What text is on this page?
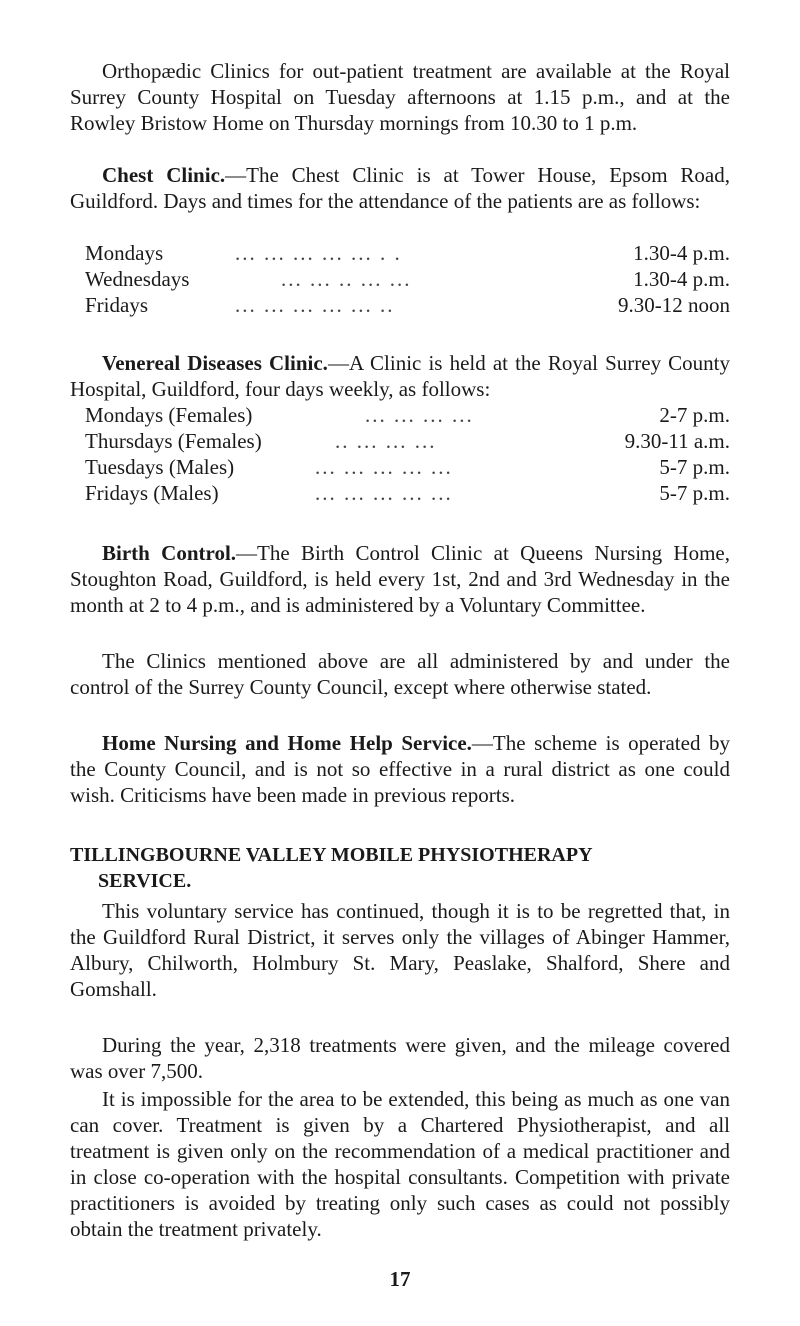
Orthopædic Clinics for out-patient treatment are available at the Royal Surrey County Hospital on Tuesday afternoons at 1.15 p.m., and at the Rowley Bristow Home on Thursday mornings from 10.30 to 1 p.m.

Chest Clinic.—The Chest Clinic is at Tower House, Epsom Road, Guildford. Days and times for the attendance of the patients are as follows:

Mondays	... ... ... ... ... . .	1.30-4 p.m.
Wednesdays	... ... .. ... ...	1.30-4 p.m.
Fridays	... ... ... ... ... ..	9.30-12 noon

Venereal Diseases Clinic.—A Clinic is held at the Royal Surrey County Hospital, Guildford, four days weekly, as follows:

Mondays (Females)	... ... ... ...	2-7 p.m.
Thursdays (Females)	.. ... ... ...	9.30-11 a.m.
Tuesdays (Males)	... ... ... ... ...	5-7 p.m.
Fridays (Males)	... ... ... ... ...	5-7 p.m.

Birth Control.—The Birth Control Clinic at Queens Nursing Home, Stoughton Road, Guildford, is held every 1st, 2nd and 3rd Wednesday in the month at 2 to 4 p.m., and is administered by a Voluntary Committee.

The Clinics mentioned above are all administered by and under the control of the Surrey County Council, except where otherwise stated.

Home Nursing and Home Help Service.—The scheme is operated by the County Council, and is not so effective in a rural district as one could wish. Criticisms have been made in previous reports.

TILLINGBOURNE VALLEY MOBILE PHYSIOTHERAPY
SERVICE.

This voluntary service has continued, though it is to be regretted that, in the Guildford Rural District, it serves only the villages of Abinger Hammer, Albury, Chilworth, Holmbury St. Mary, Peaslake, Shalford, Shere and Gomshall.

During the year, 2,318 treatments were given, and the mileage covered was over 7,500.

It is impossible for the area to be extended, this being as much as one van can cover. Treatment is given by a Chartered Physiotherapist, and all treatment is given only on the recommendation of a medical practitioner and in close co-operation with the hospital consultants. Competition with private practitioners is avoided by treating only such cases as could not possibly obtain the treatment privately.

17
